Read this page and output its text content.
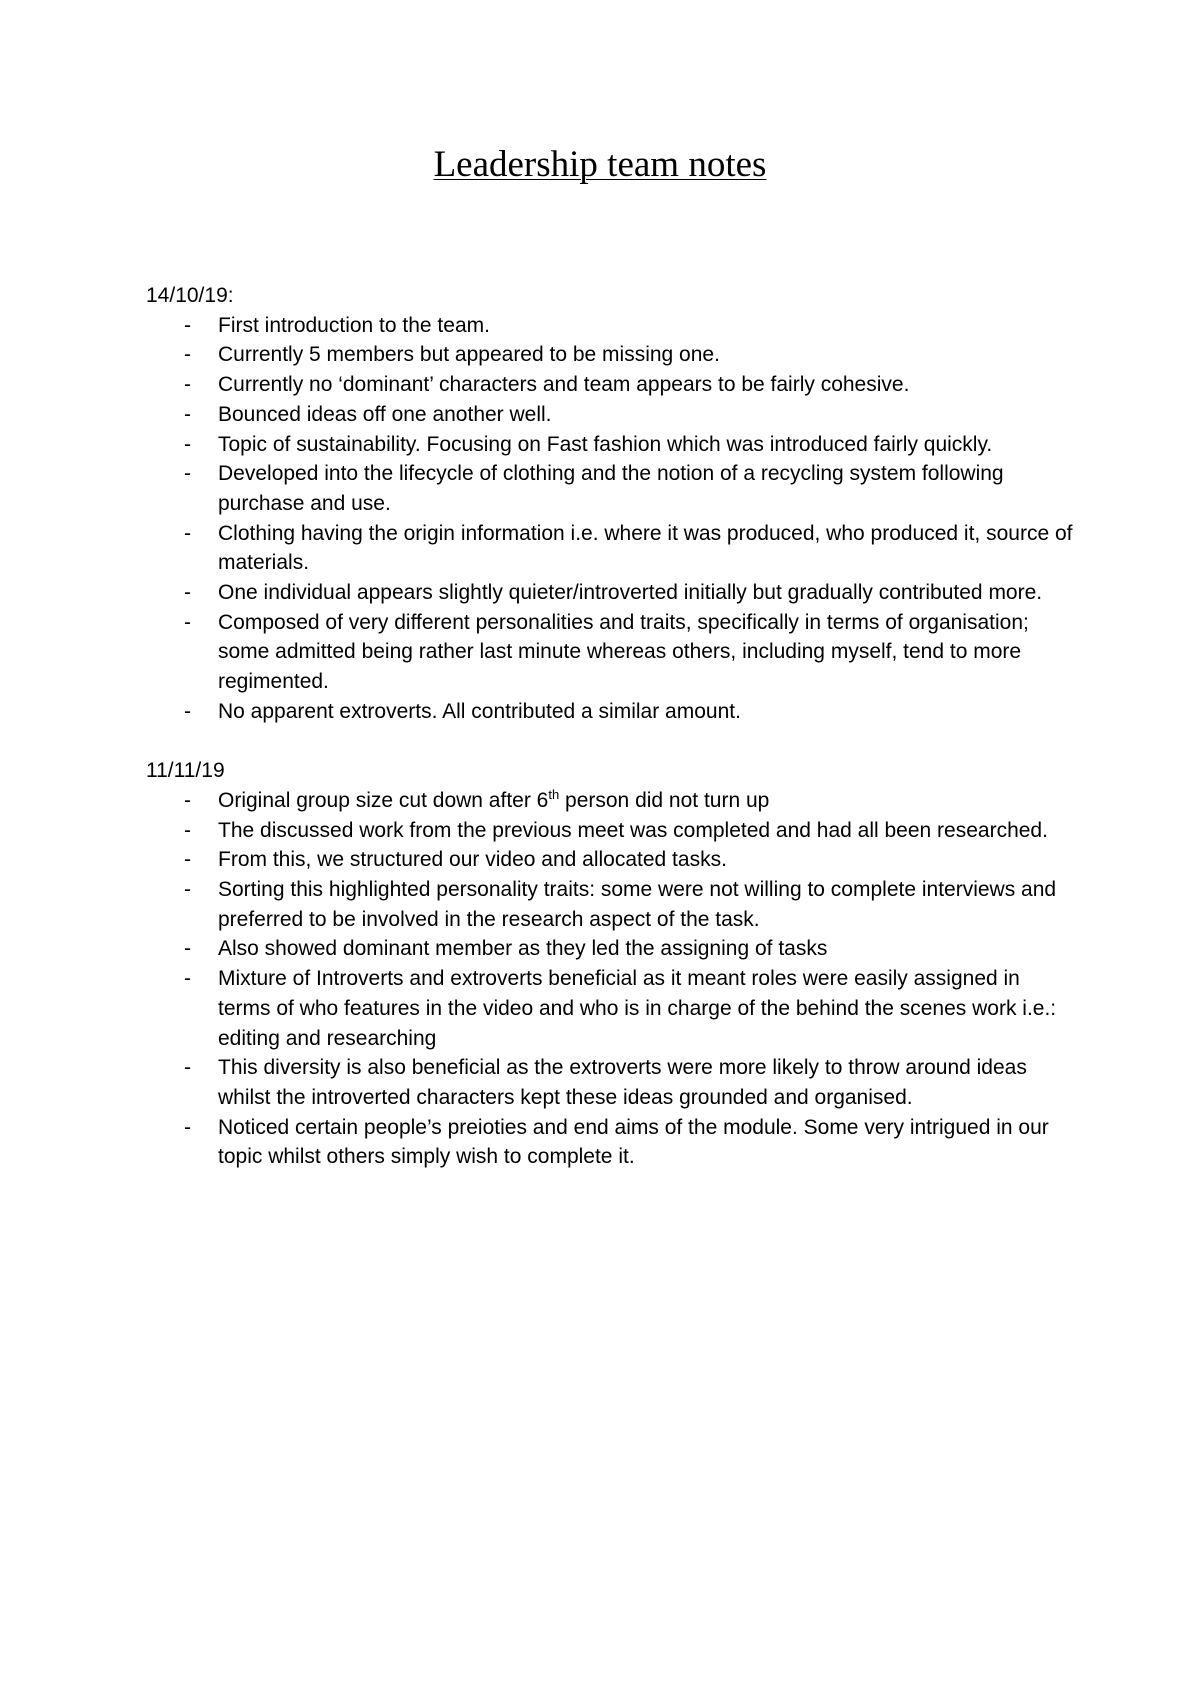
Leadership team notes
14/10/19:
- First introduction to the team.
- Currently 5 members but appeared to be missing one.
- Currently no ‘dominant’ characters and team appears to be fairly cohesive.
- Bounced ideas off one another well.
- Topic of sustainability. Focusing on Fast fashion which was introduced fairly quickly.
- Developed into the lifecycle of clothing and the notion of a recycling system following purchase and use.
- Clothing having the origin information i.e. where it was produced, who produced it, source of materials.
- One individual appears slightly quieter/introverted initially but gradually contributed more.
- Composed of very different personalities and traits, specifically in terms of organisation; some admitted being rather last minute whereas others, including myself, tend to more regimented.
- No apparent extroverts. All contributed a similar amount.
11/11/19
- Original group size cut down after 6th person did not turn up
- The discussed work from the previous meet was completed and had all been researched.
- From this, we structured our video and allocated tasks.
- Sorting this highlighted personality traits: some were not willing to complete interviews and preferred to be involved in the research aspect of the task.
- Also showed dominant member as they led the assigning of tasks
- Mixture of Introverts and extroverts beneficial as it meant roles were easily assigned in terms of who features in the video and who is in charge of the behind the scenes work i.e.: editing and researching
- This diversity is also beneficial as the extroverts were more likely to throw around ideas whilst the introverted characters kept these ideas grounded and organised.
- Noticed certain people’s preioties and end aims of the module. Some very intrigued in our topic whilst others simply wish to complete it.
